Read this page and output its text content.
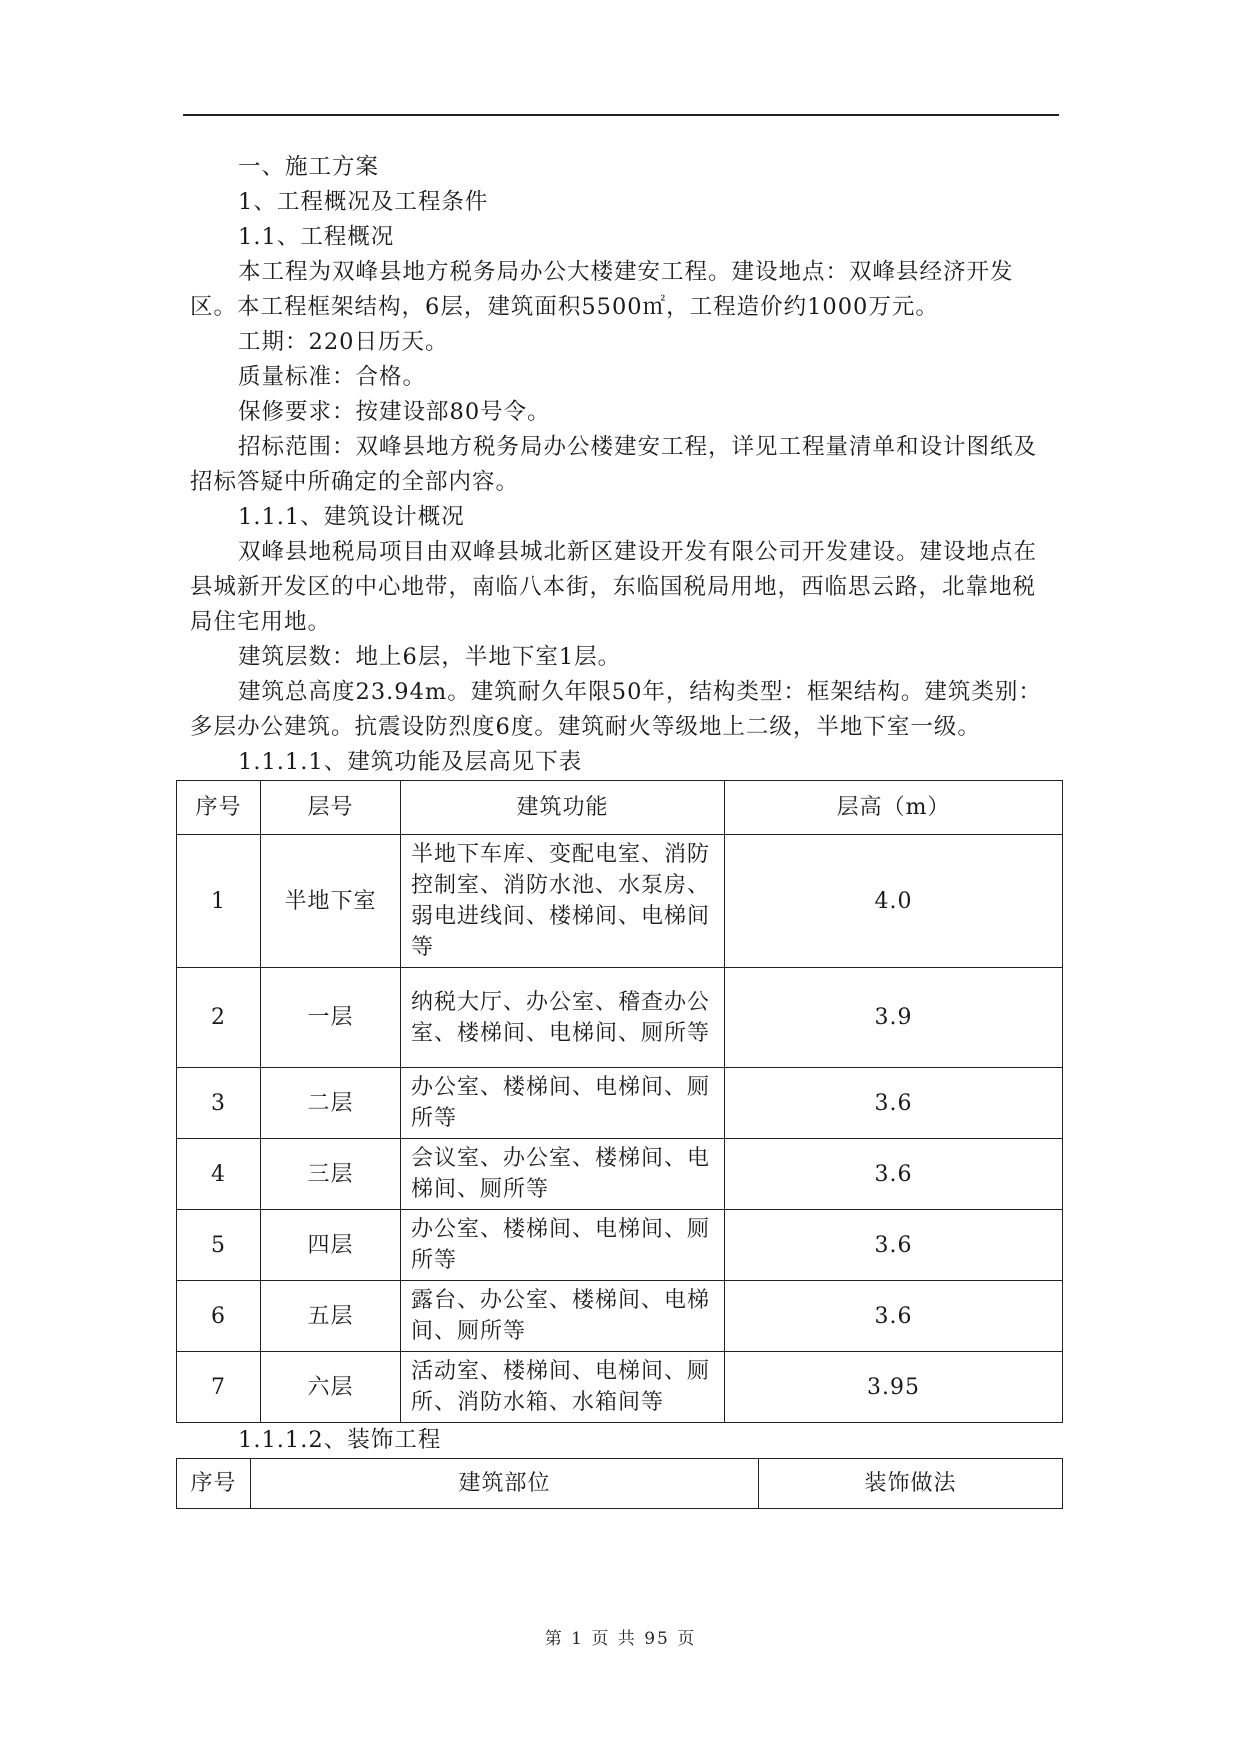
一、施工方案

1、工程概况及工程条件

1.1、工程概况

本工程为双峰县地方税务局办公大楼建安工程。建设地点：双峰县经济开发区。本工程框架结构，6层，建筑面积5500㎡，工程造价约1000万元。

工期：220日历天。

质量标准：合格。

保修要求：按建设部80号令。

招标范围：双峰县地方税务局办公楼建安工程，详见工程量清单和设计图纸及招标答疑中所确定的全部内容。

1.1.1、建筑设计概况

双峰县地税局项目由双峰县城北新区建设开发有限公司开发建设。建设地点在县城新开发区的中心地带，南临八本街，东临国税局用地，西临思云路，北靠地税局住宅用地。

建筑层数：地上6层，半地下室1层。

建筑总高度23.94m。建筑耐久年限50年，结构类型：框架结构。建筑类别：多层办公建筑。抗震设防烈度6度。建筑耐火等级地上二级，半地下室一级。

1.1.1.1、建筑功能及层高见下表

序号	层号	建筑功能	层高（m）
1	半地下室	半地下车库、变配电室、消防控制室、消防水池、水泵房、弱电进线间、楼梯间、电梯间等	4.0
2	一层	纳税大厅、办公室、稽查办公室、楼梯间、电梯间、厕所等	3.9
3	二层	办公室、楼梯间、电梯间、厕所等	3.6
4	三层	会议室、办公室、楼梯间、电梯间、厕所等	3.6
5	四层	办公室、楼梯间、电梯间、厕所等	3.6
6	五层	露台、办公室、楼梯间、电梯间、厕所等	3.6
7	六层	活动室、楼梯间、电梯间、厕所、消防水箱、水箱间等	3.95

1.1.1.2、装饰工程

序号	建筑部位	装饰做法
第 1 页 共 95 页
